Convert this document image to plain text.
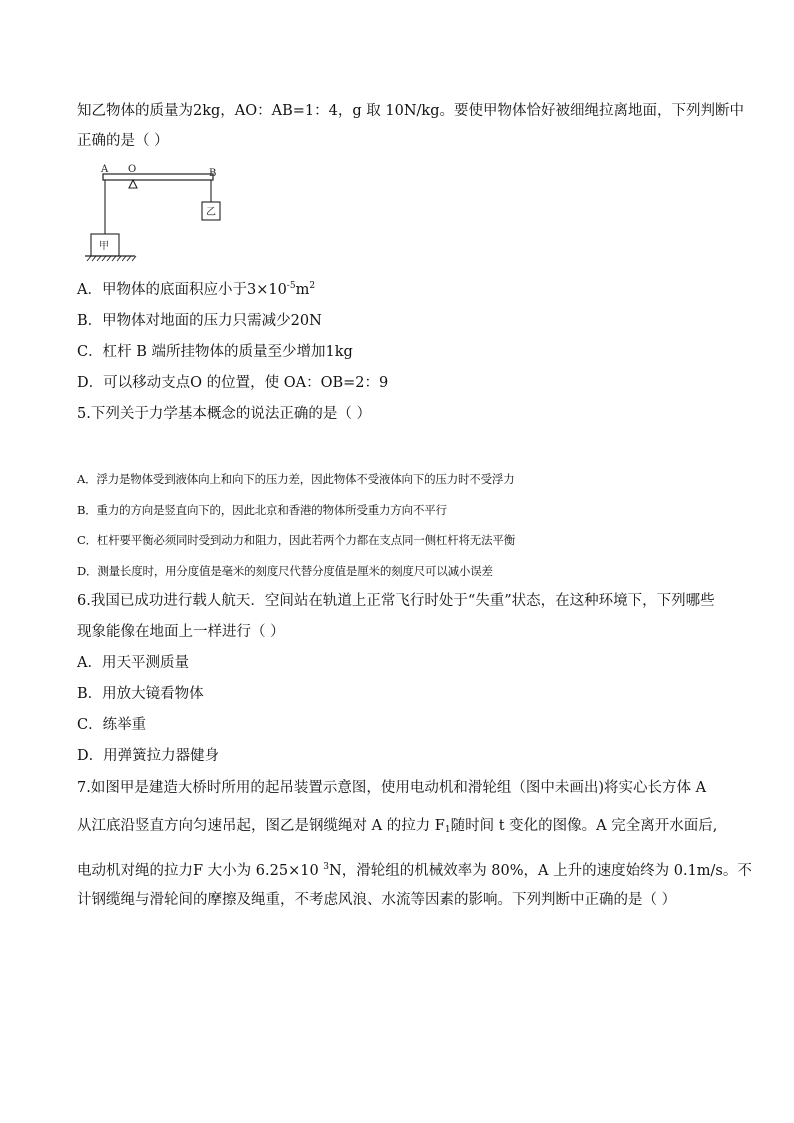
知乙物体的质量为2kg，AO：AB=1：4，g 取 10N/kg。要使甲物体恰好被细绳拉离地面，下列判断中
正确的是（ ）
A O	B
甲
乙
A．甲物体的底面积应小于$3\times 10^{-5}m^2$
B．甲物体对地面的压力只需减少20N
C．杠杆 B 端所挂物体的质量至少增加1kg
D．可以移动支点O 的位置，使 OA：OB=2：9
5.下列关于力学基本概念的说法正确的是（ ）
A．浮力是物体受到液体向上和向下的压力差，因此物体不受液体向下的压力时不受浮力
B．重力的方向是竖直向下的，因此北京和香港的物体所受重力方向不平行
C．杠杆要平衡必须同时受到动力和阻力，因此若两个力都在支点同一侧杠杆将无法平衡
D．测量长度时，用分度值是毫米的刻度尺代替分度值是厘米的刻度尺可以减小误差
6.我国已成功进行载人航天．空间站在轨道上正常飞行时处于“失重”状态，在这种环境下，下列哪些
现象能像在地面上一样进行（ ）
A．用天平测质量
B．用放大镜看物体
C．练举重
D．用弹簧拉力器健身
7.如图甲是建造大桥时所用的起吊装置示意图，使用电动机和滑轮组（图中未画出)将实心长方体 A
从江底沿竖直方向匀速吊起，图乙是钢缆绳对 A 的拉力 $F_1$随时间 t 变化的图像。A 完全离开水面后,
电动机对绳的拉力F 大小为 6.25×10 $^3$N，滑轮组的机械效率为 80%，A 上升的速度始终为 0.1m/s。不
计钢缆绳与滑轮间的摩擦及绳重，不考虑风浪、水流等因素的影响。下列判断中正确的是（ ）
